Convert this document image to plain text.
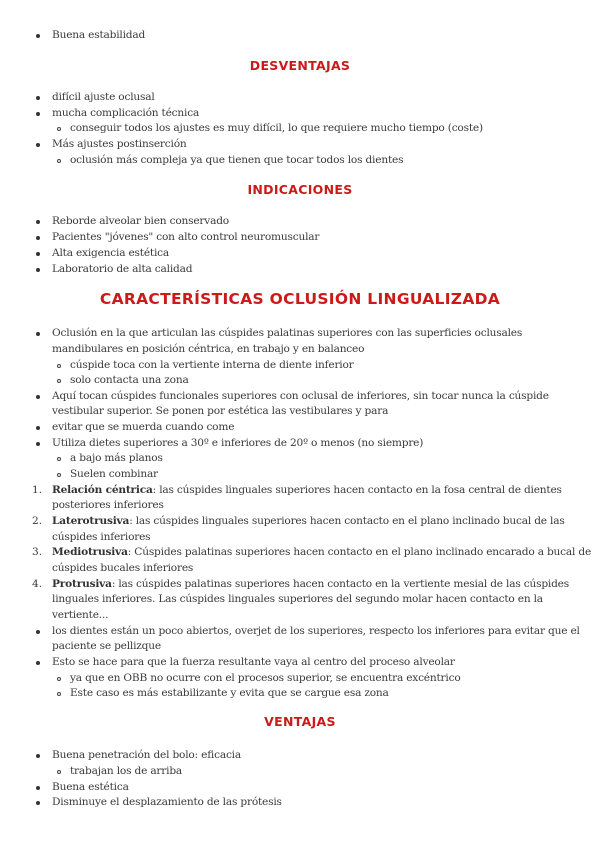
Buena estabilidad
DESVENTAJAS
difícil ajuste oclusal
mucha complicación técnica
conseguir todos los ajustes es muy difícil, lo que requiere mucho tiempo (coste)
Más ajustes postinserción
oclusión más compleja ya que tienen que tocar todos los dientes
INDICACIONES
Reborde alveolar bien conservado
Pacientes "jóvenes" con alto control neuromuscular
Alta exigencia estética
Laboratorio de alta calidad
CARACTERÍSTICAS OCLUSIÓN LINGUALIZADA
Oclusión en la que articulan las cúspides palatinas superiores con las superficies oclusales
mandibulares en posición céntrica, en trabajo y en balanceo
cúspide toca con la vertiente interna de diente inferior
solo contacta una zona
Aquí tocan cúspides funcionales superiores con oclusal de inferiores, sin tocar nunca la cúspide
vestibular superior. Se ponen por estética las vestibulares y para
evitar que se muerda cuando come
Utiliza dietes superiores a 30º e inferiores de 20º o menos (no siempre)
a bajo más planos
Suelen combinar
1. Relación céntrica: las cúspides linguales superiores hacen contacto en la fosa central de dientes
posteriores inferiores
2. Laterotrusiva: las cúspides linguales superiores hacen contacto en el plano inclinado bucal de las
cúspides inferiores
3. Mediotrusiva: Cúspides palatinas superiores hacen contacto en el plano inclinado encarado a bucal de
cúspides bucales inferiores
4. Protrusiva: las cúspides palatinas superiores hacen contacto en la vertiente mesial de las cúspides
linguales inferiores. Las cúspides linguales superiores del segundo molar hacen contacto en la
vertiente...
los dientes están un poco abiertos, overjet de los superiores, respecto los inferiores para evitar que el
paciente se pellizque
Esto se hace para que la fuerza resultante vaya al centro del proceso alveolar
ya que en OBB no ocurre con el procesos superior, se encuentra excéntrico
Este caso es más estabilizante y evita que se cargue esa zona
VENTAJAS
Buena penetración del bolo: eficacia
trabajan los de arriba
Buena estética
Disminuye el desplazamiento de las prótesis
